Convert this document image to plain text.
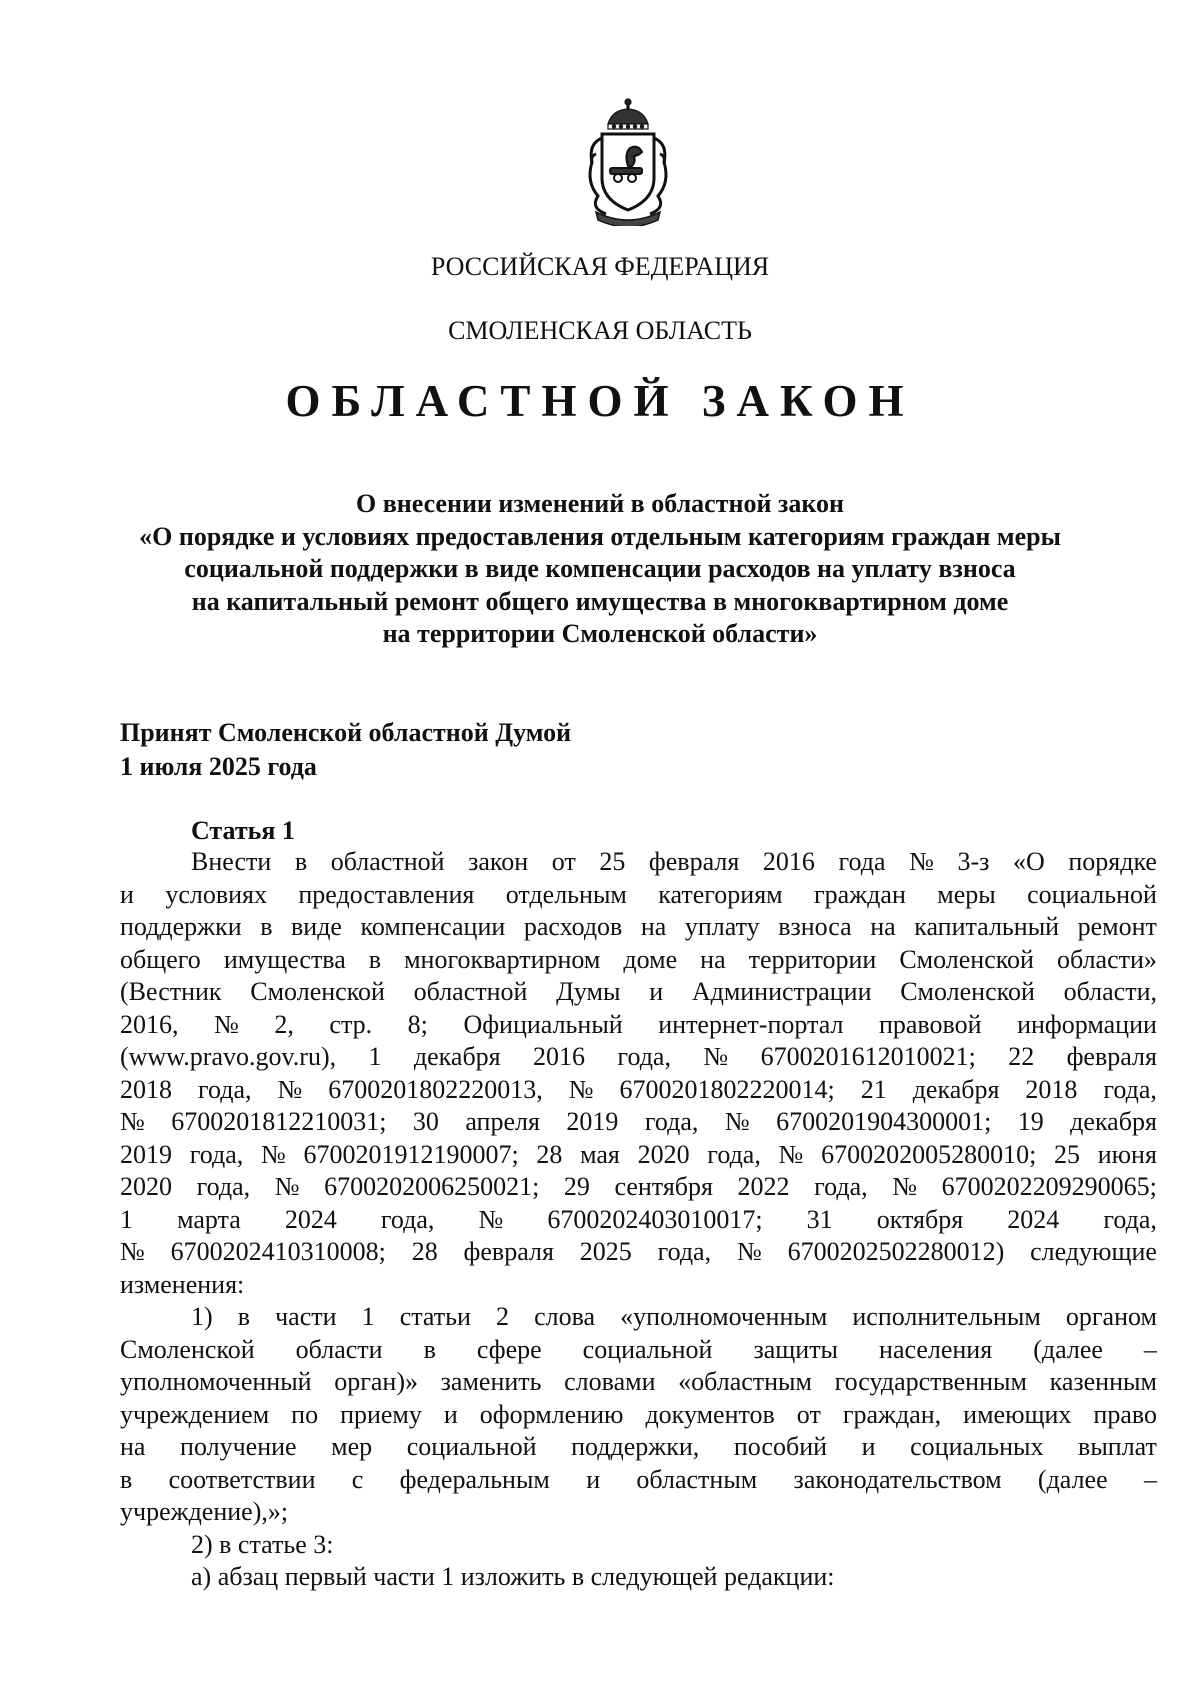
РОССИЙСКАЯ ФЕДЕРАЦИЯ
СМОЛЕНСКАЯ ОБЛАСТЬ
ОБЛАСТНОЙ ЗАКОН
О внесении изменений в областной закон
«О порядке и условиях предоставления отдельным категориям граждан меры
социальной поддержки в виде компенсации расходов на уплату взноса
на капитальный ремонт общего имущества в многоквартирном доме
на территории Смоленской области»
Принят Смоленской областной Думой
1 июля 2025 года
Статья 1
Внести в областной закон от 25 февраля 2016 года № 3-з «О порядке
и условиях предоставления отдельным категориям граждан меры социальной
поддержки в виде компенсации расходов на уплату взноса на капитальный ремонт
общего имущества в многоквартирном доме на территории Смоленской области»
(Вестник Смоленской областной Думы и Администрации Смоленской области,
2016, № 2, стр. 8; Официальный интернет-портал правовой информации
(www.pravo.gov.ru), 1 декабря 2016 года, № 6700201612010021; 22 февраля
2018 года, № 6700201802220013, № 6700201802220014; 21 декабря 2018 года,
№ 6700201812210031; 30 апреля 2019 года, № 6700201904300001; 19 декабря
2019 года, № 6700201912190007; 28 мая 2020 года, № 6700202005280010; 25 июня
2020 года, № 6700202006250021; 29 сентября 2022 года, № 6700202209290065;
1 марта 2024 года, № 6700202403010017; 31 октября 2024 года,
№ 6700202410310008; 28 февраля 2025 года, № 6700202502280012) следующие
изменения:
1) в части 1 статьи 2 слова «уполномоченным исполнительным органом
Смоленской области в сфере социальной защиты населения (далее –
уполномоченный орган)» заменить словами «областным государственным казенным
учреждением по приему и оформлению документов от граждан, имеющих право
на получение мер социальной поддержки, пособий и социальных выплат
в соответствии с федеральным и областным законодательством (далее –
учреждение),»;
2) в статье 3:
а) абзац первый части 1 изложить в следующей редакции:
